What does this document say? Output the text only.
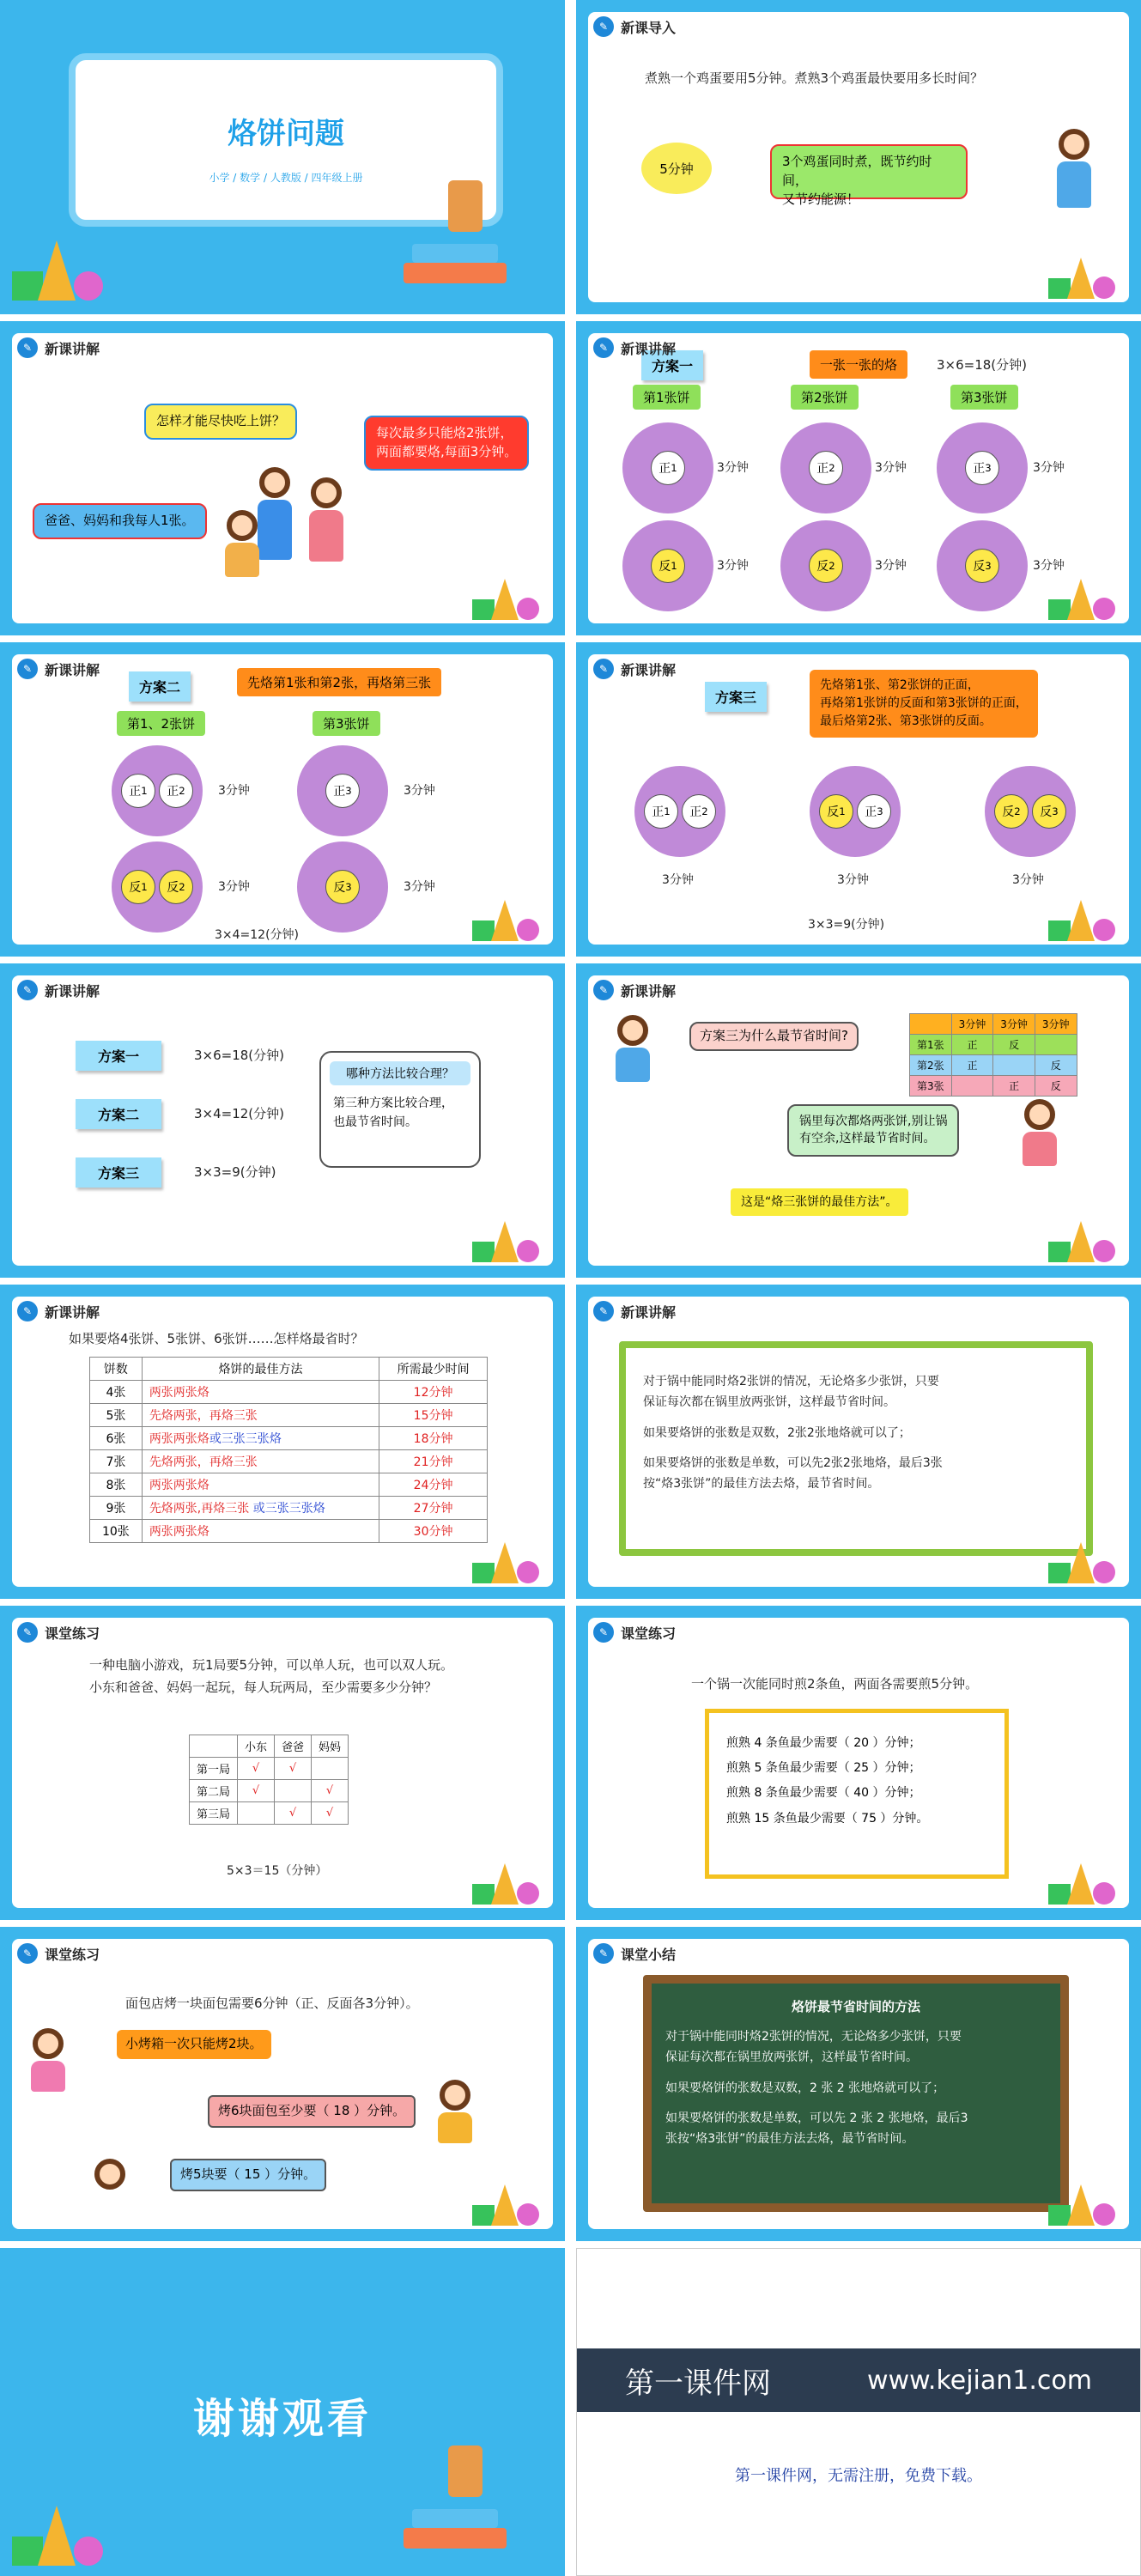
烙饼问题
小学 / 数学 / 人教版 / 四年级上册
✎ 新课导入
煮熟一个鸡蛋要用5分钟。煮熟3个鸡蛋最快要用多长时间？
5分钟	3个鸡蛋同时煮，既节约时间，
又节约能源！
✎ 新课讲解
怎样才能尽快吃上饼？
每次最多只能烙2张饼，
两面都要烙,每面3分钟。
爸爸、妈妈和我每人1张。
✎ 新课讲解
方案一	一张一张的烙	3×6=18(分钟)
第1张饼	第2张饼	第3张饼
正 1	正 2	正 3
反 1	反 2	反 3
3分钟	3分钟	3分钟
3分钟	3分钟	3分钟
✎ 新课讲解
方案二	先烙第1张和第2张，再烙第三张
第1、2张饼	第3张饼
正 1 正 2	正 3
反 1 反 2	反 3
3分钟	3分钟
3分钟	3分钟
3×4=12(分钟)
✎ 新课讲解
方案三
先烙第1张、第2张饼的正面，
再烙第1张饼的反面和第3张饼的正面，
最后烙第2张、第3张饼的反面。
正 1 正 2	反 1 正 3	反 2 反 3
3分钟	3分钟	3分钟
3×3=9(分钟)
✎ 新课讲解
方案一	3×6=18(分钟)
方案二	3×4=12(分钟)
方案三	3×3=9(分钟)
哪种方法比较合理？
第三种方案比较合理，
也最节省时间。
✎ 新课讲解
方案三为什么最节省时间?
	3分钟	3分钟	3分钟
第1张	正	反	
第2张	正		反
第3张		正	反
锅里每次都烙两张饼,别让锅
有空余,这样最节省时间。
这是“烙三张饼的最佳方法”。
✎ 新课讲解
如果要烙4张饼、5张饼、6张饼……怎样烙最省时？
饼数	烙饼的最佳方法	所需最少时间
4张	两张两张烙	12分钟
5张	先烙两张，再烙三张	15分钟
6张	两张两张烙或三张三张烙	18分钟
7张	先烙两张，再烙三张	21分钟
8张	两张两张烙	24分钟
9张	先烙两张,再烙三张 或三张三张烙	27分钟
10张	两张两张烙	30分钟
✎ 新课讲解
对于锅中能同时烙2张饼的情况，无论烙多少张饼，只要
保证每次都在锅里放两张饼，这样最节省时间。
如果要烙饼的张数是双数，2张2张地烙就可以了；
如果要烙饼的张数是单数，可以先2张2张地烙，最后3张
按“烙3张饼”的最佳方法去烙，最节省时间。
✎ 课堂练习
一种电脑小游戏，玩1局要5分钟，可以单人玩，也可以双人玩。
小东和爸爸、妈妈一起玩，每人玩两局，至少需要多少分钟？
	小东	爸爸	妈妈
第一局	√	√	
第二局	√		√
第三局		√	√
5×3＝15（分钟）
✎ 课堂练习
一个锅一次能同时煎2条鱼，两面各需要煎5分钟。
煎熟 4 条鱼最少需要（ 20 ）分钟；
煎熟 5 条鱼最少需要（ 25 ）分钟；
煎熟 8 条鱼最少需要（ 40 ）分钟；
煎熟 15 条鱼最少需要（ 75 ）分钟。
✎ 课堂练习
面包店烤一块面包需要6分钟（正、反面各3分钟）。
小烤箱一次只能烤2块。
烤6块面包至少要（ 18 ）分钟。
烤5块要（ 15 ）分钟。
✎ 课堂小结
烙饼最节省时间的方法
对于锅中能同时烙2张饼的情况，无论烙多少张饼，只要
保证每次都在锅里放两张饼，这样最节省时间。
如果要烙饼的张数是双数，2 张 2 张地烙就可以了；
如果要烙饼的张数是单数，可以先 2 张 2 张地烙，最后3
张按“烙3张饼”的最佳方法去烙，最节省时间。
谢谢观看
第一课件网	www.kejian1.com
第一课件网，无需注册，免费下载。
